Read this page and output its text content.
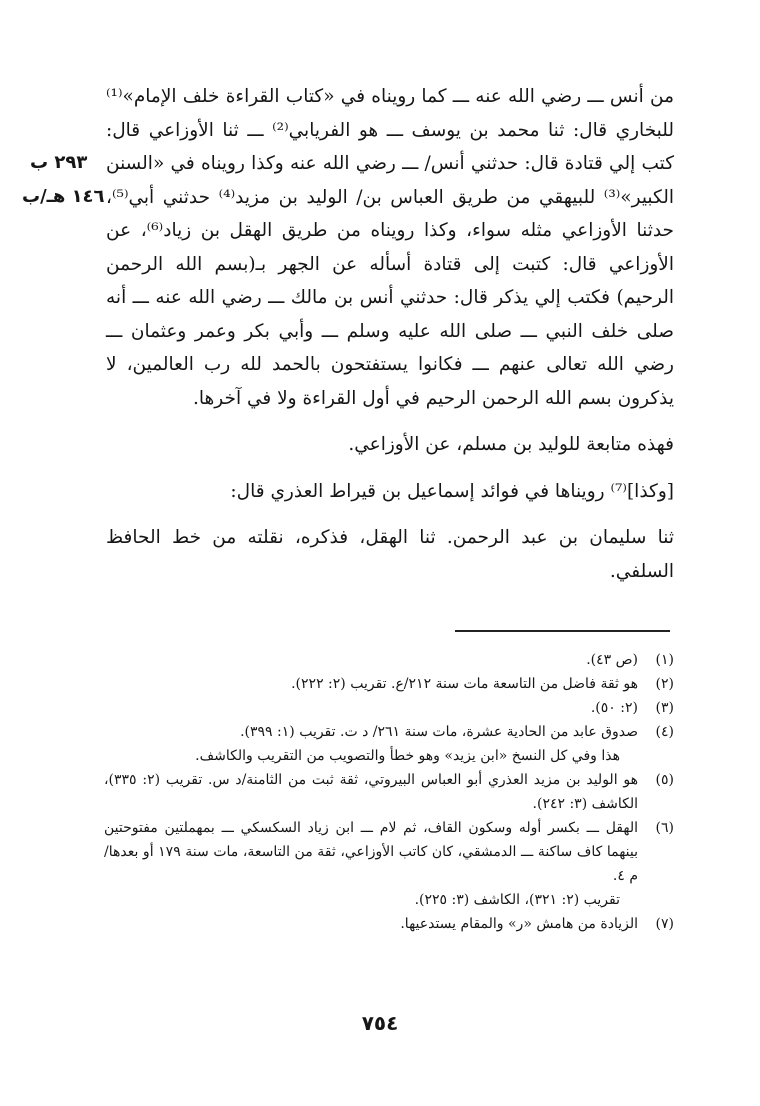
من أنس ـــ رضي الله عنه ـــ كما رويناه في «كتاب القراءة خلف الإمام»⁽¹⁾ للبخاري قال: ثنا محمد بن يوسف ـــ هو الفريابي⁽²⁾ ـــ ثنا الأوزاعي قال: كتب إلي قتادة قال: حدثني أنس/ ـــ رضي الله عنه وكذا رويناه في «السنن الكبير»⁽³⁾ للبيهقي من طريق العباس بن/ الوليد بن مزيد⁽⁴⁾ حدثني أبي⁽⁵⁾، حدثنا الأوزاعي مثله سواء، وكذا رويناه من طريق الهقل بن زياد⁽⁶⁾، عن الأوزاعي قال: كتبت إلى قتادة أسأله عن الجهر بـ(بسم الله الرحمن الرحيم) فكتب إلي يذكر قال: حدثني أنس بن مالك ـــ رضي الله عنه ـــ أنه صلى خلف النبي ـــ صلى الله عليه وسلم ـــ وأبي بكر وعمر وعثمان ـــ رضي الله تعالى عنهم ـــ فكانوا يستفتحون بالحمد لله رب العالمين، لا يذكرون بسم الله الرحمن الرحيم في أول القراءة ولا في آخرها.

فهذه متابعة للوليد بن مسلم، عن الأوزاعي.

[وكذا]⁽⁷⁾ رويناها في فوائد إسماعيل بن قيراط العذري قال:

ثنا سليمان بن عبد الرحمن. ثنا الهقل، فذكره، نقلته من خط الحافظ السلفي.

٢٩٣ ب
١٤٦ هـ/ب
(١)
(ص ٤٣).
(٢)
هو ثقة فاضل من التاسعة مات سنة ٢١٢/ع. تقريب (٢: ٢٢٢).
(٣)
(٢: ٥٠).
(٤)
صدوق عابد من الحادية عشرة، مات سنة ٢٦١/ د ت. تقريب (١: ٣٩٩).
هذا وفي كل النسخ «ابن يزيد» وهو خطأ والتصويب من التقريب والكاشف.
(٥)
هو الوليد بن مزيد العذري أبو العباس البيروتي، ثقة ثبت من الثامنة/د س. تقريب (٢: ٣٣٥)، الكاشف (٣: ٢٤٢).
(٦)
الهقل ـــ بكسر أوله وسكون القاف، ثم لام ـــ ابن زياد السكسكي ـــ بمهملتين مفتوحتين بينهما كاف ساكنة ـــ الدمشقي، كان كاتب الأوزاعي، ثقة من التاسعة، مات سنة ١٧٩ أو بعدها/ م ٤.
تقريب (٢: ٣٢١)، الكاشف (٣: ٢٢٥).
(٧)
الزيادة من هامش «ر» والمقام يستدعيها.
٧٥٤
